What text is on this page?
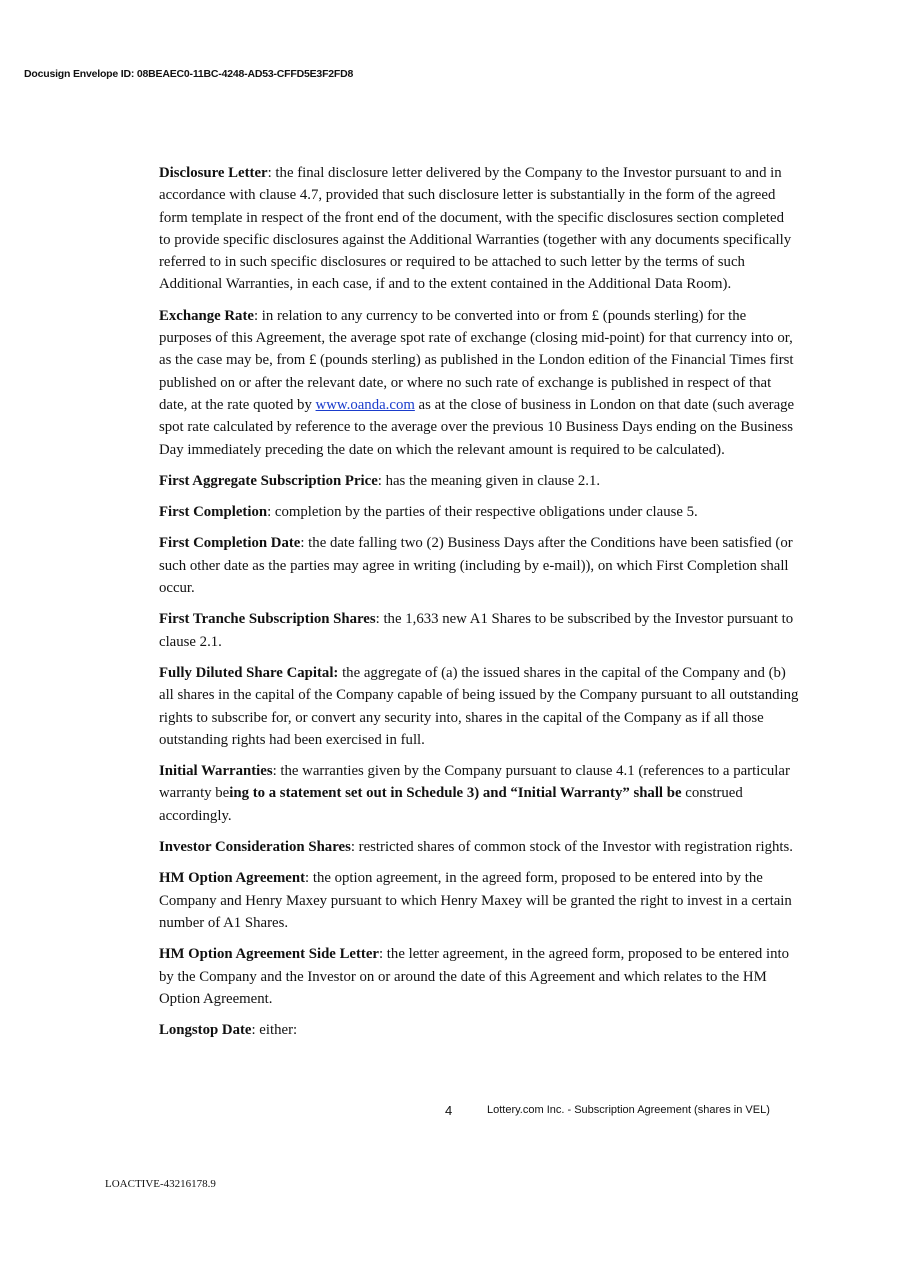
Docusign Envelope ID: 08BEAEC0-11BC-4248-AD53-CFFD5E3F2FD8

Disclosure Letter: the final disclosure letter delivered by the Company to the Investor pursuant to and in accordance with clause 4.7, provided that such disclosure letter is substantially in the form of the agreed form template in respect of the front end of the document, with the specific disclosures section completed to provide specific disclosures against the Additional Warranties (together with any documents specifically referred to in such specific disclosures or required to be attached to such letter by the terms of such Additional Warranties, in each case, if and to the extent contained in the Additional Data Room).

Exchange Rate: in relation to any currency to be converted into or from £ (pounds sterling) for the purposes of this Agreement, the average spot rate of exchange (closing mid-point) for that currency into or, as the case may be, from £ (pounds sterling) as published in the London edition of the Financial Times first published on or after the relevant date, or where no such rate of exchange is published in respect of that date, at the rate quoted by www.oanda.com as at the close of business in London on that date (such average spot rate calculated by reference to the average over the previous 10 Business Days ending on the Business Day immediately preceding the date on which the relevant amount is required to be calculated).

First Aggregate Subscription Price: has the meaning given in clause 2.1.

First Completion: completion by the parties of their respective obligations under clause 5.

First Completion Date: the date falling two (2) Business Days after the Conditions have been satisfied (or such other date as the parties may agree in writing (including by e-mail)), on which First Completion shall occur.

First Tranche Subscription Shares: the 1,633 new A1 Shares to be subscribed by the Investor pursuant to clause 2.1.

Fully Diluted Share Capital: the aggregate of (a) the issued shares in the capital of the Company and (b) all shares in the capital of the Company capable of being issued by the Company pursuant to all outstanding rights to subscribe for, or convert any security into, shares in the capital of the Company as if all those outstanding rights had been exercised in full.

Initial Warranties: the warranties given by the Company pursuant to clause 4.1 (references to a particular warranty being to a statement set out in Schedule 3) and “Initial Warranty” shall be construed accordingly.

Investor Consideration Shares: restricted shares of common stock of the Investor with registration rights.

HM Option Agreement: the option agreement, in the agreed form, proposed to be entered into by the Company and Henry Maxey pursuant to which Henry Maxey will be granted the right to invest in a certain number of A1 Shares.

HM Option Agreement Side Letter: the letter agreement, in the agreed form, proposed to be entered into by the Company and the Investor on or around the date of this Agreement and which relates to the HM Option Agreement.

Longstop Date: either:

4	Lottery.com Inc. - Subscription Agreement (shares in VEL)
LOACTIVE-43216178.9
